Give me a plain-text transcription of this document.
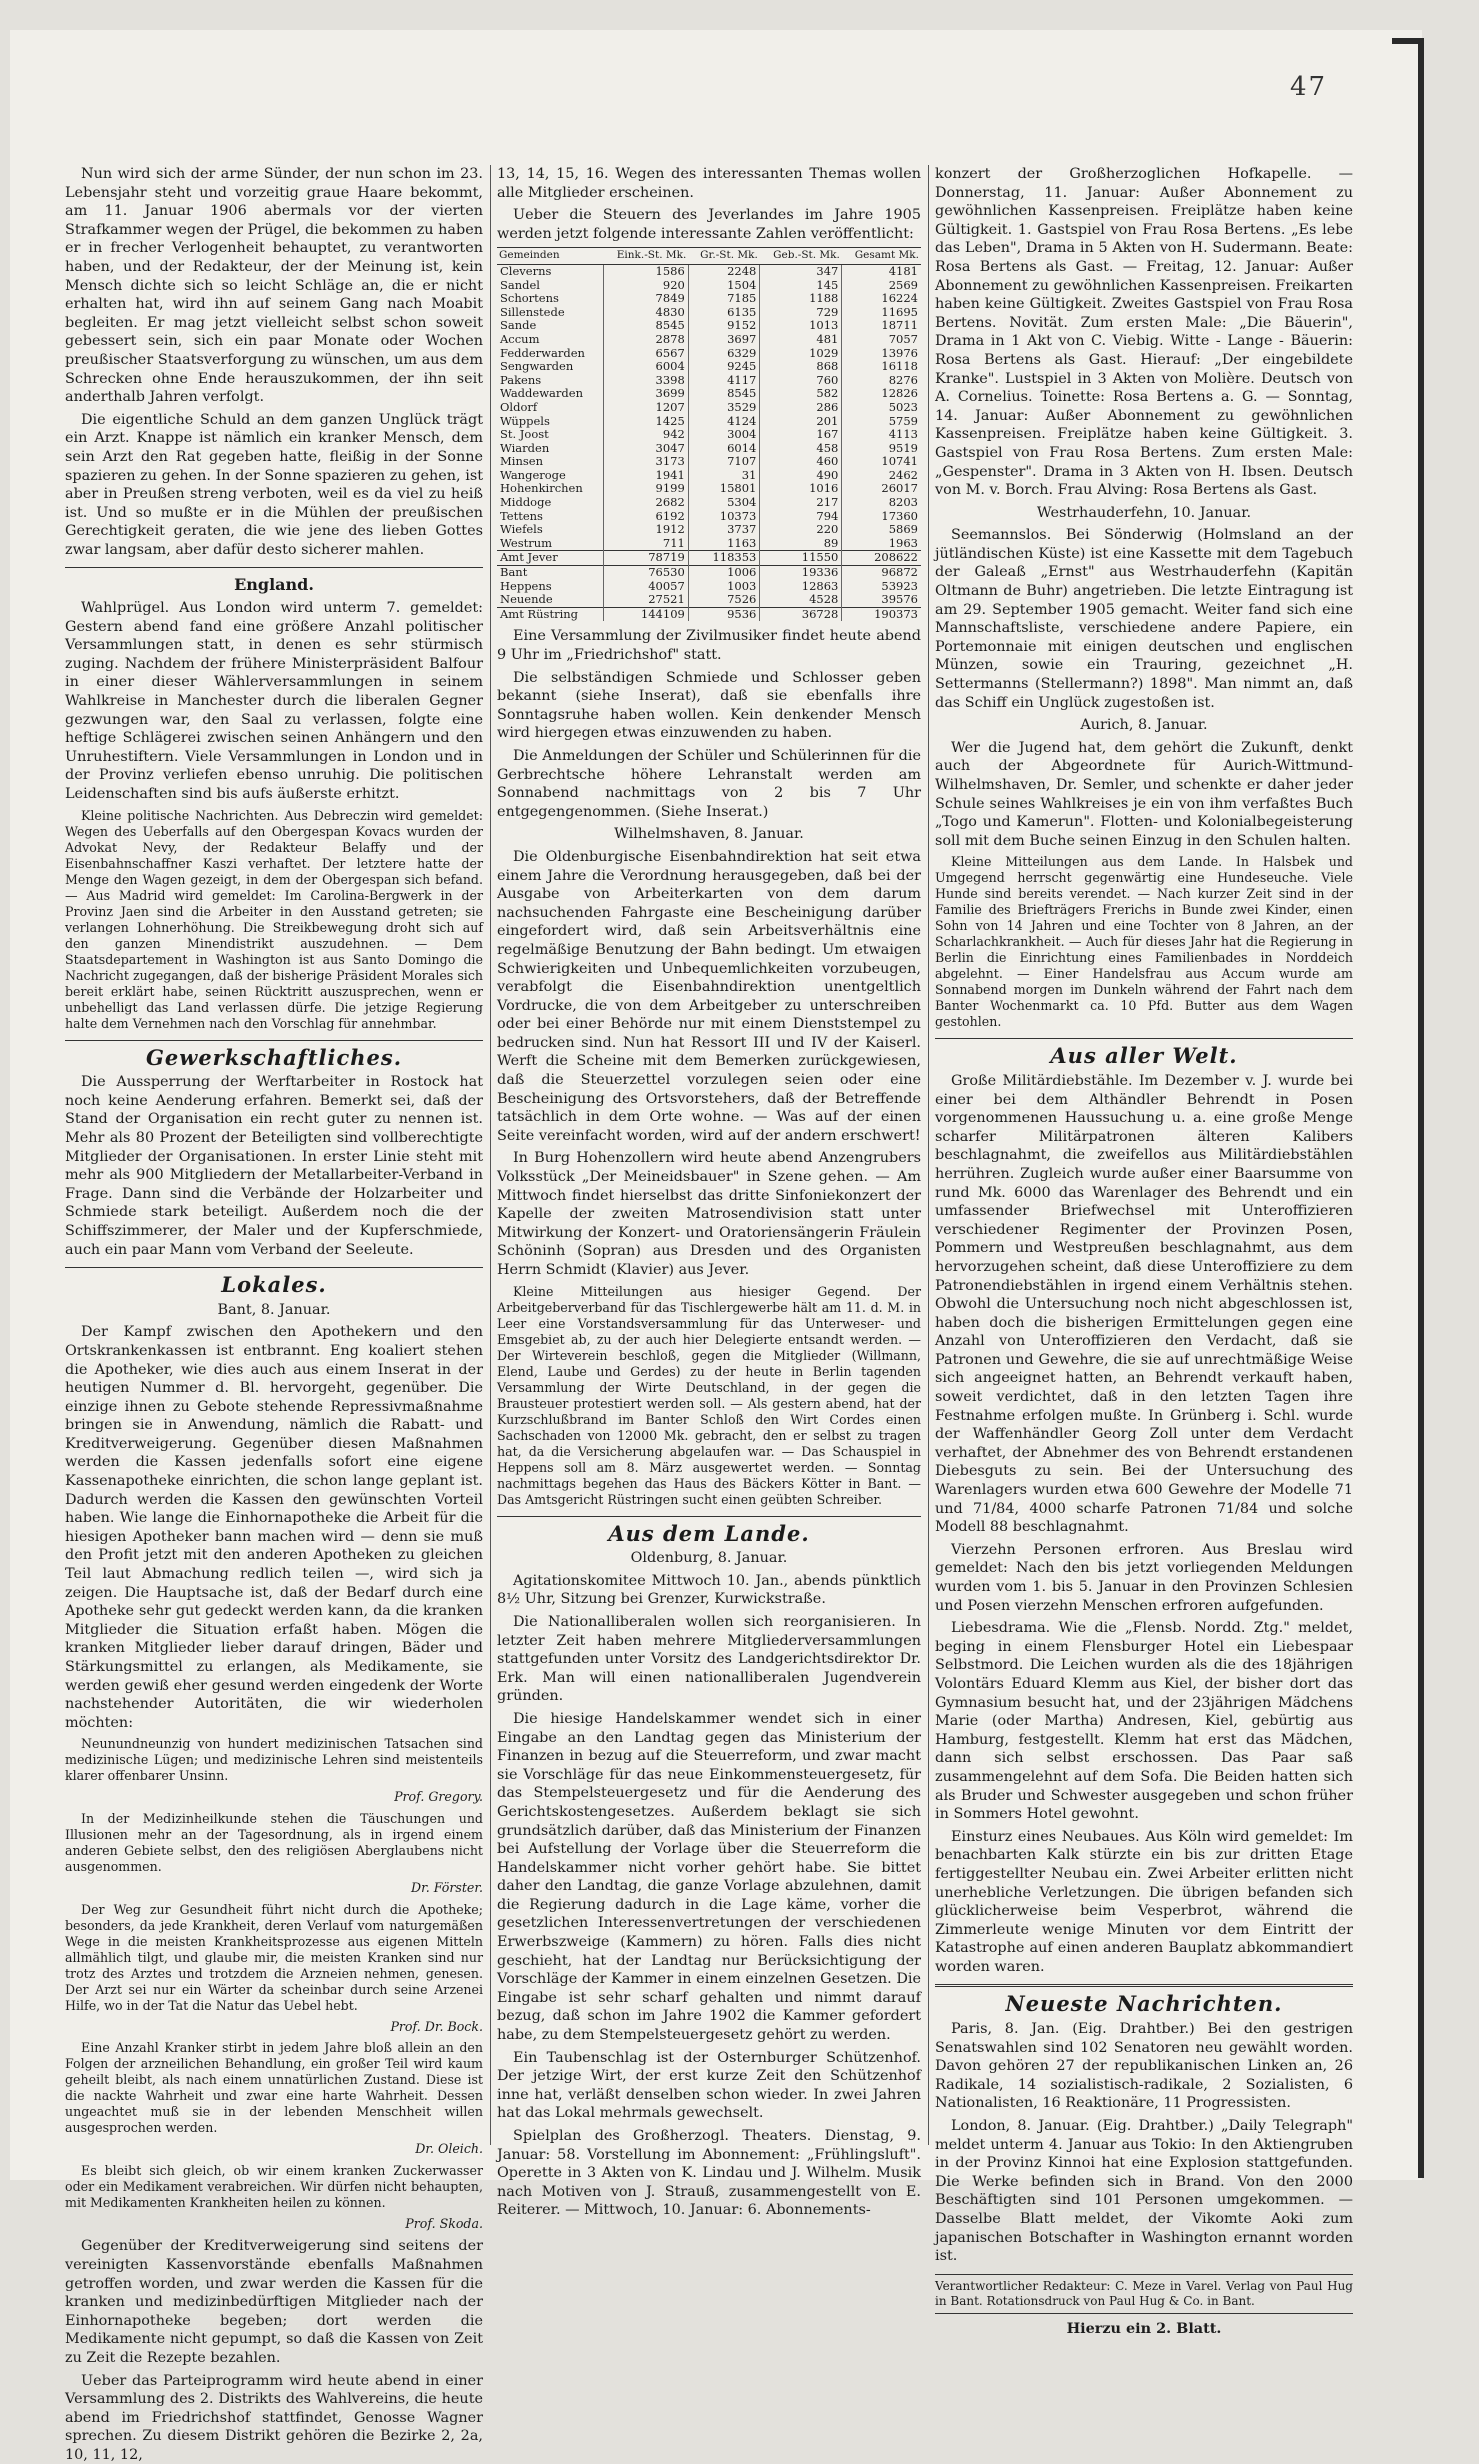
47

Nun wird sich der arme Sünder, der nun schon im 23. Lebensjahr steht und vorzeitig graue Haare bekommt, am 11. Januar 1906 abermals vor der vierten Strafkammer wegen der Prügel, die bekommen zu haben er in frecher Verlogenheit behauptet, zu verantworten haben, und der Redakteur, der der Meinung ist, kein Mensch dichte sich so leicht Schläge an, die er nicht erhalten hat, wird ihn auf seinem Gang nach Moabit begleiten. Er mag jetzt vielleicht selbst schon soweit gebessert sein, sich ein paar Monate oder Wochen preußischer Staatsverforgung zu wünschen, um aus dem Schrecken ohne Ende herauszukommen, der ihn seit anderthalb Jahren verfolgt.

Die eigentliche Schuld an dem ganzen Unglück trägt ein Arzt. Knappe ist nämlich ein kranker Mensch, dem sein Arzt den Rat gegeben hatte, fleißig in der Sonne spazieren zu gehen. In der Sonne spazieren zu gehen, ist aber in Preußen streng verboten, weil es da viel zu heiß ist. Und so mußte er in die Mühlen der preußischen Gerechtigkeit geraten, die wie jene des lieben Gottes zwar langsam, aber dafür desto sicherer mahlen.

England.

Wahlprügel. Aus London wird unterm 7. gemeldet: Gestern abend fand eine größere Anzahl politischer Versammlungen statt, in denen es sehr stürmisch zuging. Nachdem der frühere Ministerpräsident Balfour in einer dieser Wählerversammlungen in seinem Wahlkreise in Manchester durch die liberalen Gegner gezwungen war, den Saal zu verlassen, folgte eine heftige Schlägerei zwischen seinen Anhängern und den Unruhestiftern. Viele Versammlungen in London und in der Provinz verliefen ebenso unruhig. Die politischen Leidenschaften sind bis aufs äußerste erhitzt.

Kleine politische Nachrichten. Aus Debreczin wird gemeldet: Wegen des Ueberfalls auf den Obergespan Kovacs wurden der Advokat Nevy, der Redakteur Belaffy und der Eisenbahnschaffner Kaszi verhaftet. Der letztere hatte der Menge den Wagen gezeigt, in dem der Obergespan sich befand. — Aus Madrid wird gemeldet: Im Carolina-Bergwerk in der Provinz Jaen sind die Arbeiter in den Ausstand getreten; sie verlangen Lohnerhöhung. Die Streikbewegung droht sich auf den ganzen Minendistrikt auszudehnen. — Dem Staatsdepartement in Washington ist aus Santo Domingo die Nachricht zugegangen, daß der bisherige Präsident Morales sich bereit erklärt habe, seinen Rücktritt auszusprechen, wenn er unbehelligt das Land verlassen dürfe. Die jetzige Regierung halte dem Vernehmen nach den Vorschlag für annehmbar.

Gewerkschaftliches.

Die Aussperrung der Werftarbeiter in Rostock hat noch keine Aenderung erfahren. Bemerkt sei, daß der Stand der Organisation ein recht guter zu nennen ist. Mehr als 80 Prozent der Beteiligten sind vollberechtigte Mitglieder der Organisationen. In erster Linie steht mit mehr als 900 Mitgliedern der Metallarbeiter-Verband in Frage. Dann sind die Verbände der Holzarbeiter und Schmiede stark beteiligt. Außerdem noch die der Schiffszimmerer, der Maler und der Kupferschmiede, auch ein paar Mann vom Verband der Seeleute.

Lokales.
Bant, 8. Januar.

Der Kampf zwischen den Apothekern und den Ortskrankenkassen ist entbrannt. Eng koaliert stehen die Apotheker, wie dies auch aus einem Inserat in der heutigen Nummer d. Bl. hervorgeht, gegenüber. Die einzige ihnen zu Gebote stehende Repressivmaßnahme bringen sie in Anwendung, nämlich die Rabatt- und Kreditverweigerung. Gegenüber diesen Maßnahmen werden die Kassen jedenfalls sofort eine eigene Kassenapotheke einrichten, die schon lange geplant ist. Dadurch werden die Kassen den gewünschten Vorteil haben. Wie lange die Einhornapotheke die Arbeit für die hiesigen Apotheker bann machen wird — denn sie muß den Profit jetzt mit den anderen Apotheken zu gleichen Teil laut Abmachung redlich teilen —, wird sich ja zeigen. Die Hauptsache ist, daß der Bedarf durch eine Apotheke sehr gut gedeckt werden kann, da die kranken Mitglieder die Situation erfaßt haben. Mögen die kranken Mitglieder lieber darauf dringen, Bäder und Stärkungsmittel zu erlangen, als Medikamente, sie werden gewiß eher gesund werden eingedenk der Worte nachstehender Autoritäten, die wir wiederholen möchten:

Neunundneunzig von hundert medizinischen Tatsachen sind medizinische Lügen; und medizinische Lehren sind meistenteils klarer offenbarer Unsinn.

Prof. Gregory.

In der Medizinheilkunde stehen die Täuschungen und Illusionen mehr an der Tagesordnung, als in irgend einem anderen Gebiete selbst, den des religiösen Aberglaubens nicht ausgenommen.

Dr. Förster.

Der Weg zur Gesundheit führt nicht durch die Apotheke; besonders, da jede Krankheit, deren Verlauf vom naturgemäßen Wege in die meisten Krankheitsprozesse aus eigenen Mitteln allmählich tilgt, und glaube mir, die meisten Kranken sind nur trotz des Arztes und trotzdem die Arzneien nehmen, genesen. Der Arzt sei nur ein Wärter da scheinbar durch seine Arzenei Hilfe, wo in der Tat die Natur das Uebel hebt.

Prof. Dr. Bock.

Eine Anzahl Kranker stirbt in jedem Jahre bloß allein an den Folgen der arzneilichen Behandlung, ein großer Teil wird kaum geheilt bleibt, als nach einem unnatürlichen Zustand. Diese ist die nackte Wahrheit und zwar eine harte Wahrheit. Dessen ungeachtet muß sie in der lebenden Menschheit willen ausgesprochen werden.

Dr. Oleich.

Es bleibt sich gleich, ob wir einem kranken Zuckerwasser oder ein Medikament verabreichen. Wir dürfen nicht behaupten, mit Medikamenten Krankheiten heilen zu können.

Prof. Skoda.

Gegenüber der Kreditverweigerung sind seitens der vereinigten Kassenvorstände ebenfalls Maßnahmen getroffen worden, und zwar werden die Kassen für die kranken und medizinbedürftigen Mitglieder nach der Einhornapotheke begeben; dort werden die Medikamente nicht gepumpt, so daß die Kassen von Zeit zu Zeit die Rezepte bezahlen.

Ueber das Parteiprogramm wird heute abend in einer Versammlung des 2. Distrikts des Wahlvereins, die heute abend im Friedrichshof stattfindet, Genosse Wagner sprechen. Zu diesem Distrikt gehören die Bezirke 2, 2a, 10, 11, 12,

13, 14, 15, 16. Wegen des interessanten Themas wollen alle Mitglieder erscheinen.

Ueber die Steuern des Jeverlandes im Jahre 1905 werden jetzt folgende interessante Zahlen veröffentlicht:

Gemeinden	Eink.-St. Mk.	Gr.-St. Mk.	Geb.-St. Mk.	Gesamt Mk.
Cleverns	1586	2248	347	4181
Sandel	920	1504	145	2569
Schortens	7849	7185	1188	16224
Sillenstede	4830	6135	729	11695
Sande	8545	9152	1013	18711
Accum	2878	3697	481	7057
Fedderwarden	6567	6329	1029	13976
Sengwarden	6004	9245	868	16118
Pakens	3398	4117	760	8276
Waddewarden	3699	8545	582	12826
Oldorf	1207	3529	286	5023
Wüppels	1425	4124	201	5759
St. Joost	942	3004	167	4113
Wiarden	3047	6014	458	9519
Minsen	3173	7107	460	10741
Wangeroge	1941	31	490	2462
Hohenkirchen	9199	15801	1016	26017
Middoge	2682	5304	217	8203
Tettens	6192	10373	794	17360
Wiefels	1912	3737	220	5869
Westrum	711	1163	89	1963
Amt Jever	78719	118353	11550	208622
Bant	76530	1006	19336	96872
Heppens	40057	1003	12863	53923
Neuende	27521	7526	4528	39576
Amt Rüstring	144109	9536	36728	190373

Eine Versammlung der Zivilmusiker findet heute abend 9 Uhr im „Friedrichshof" statt.

Die selbständigen Schmiede und Schlosser geben bekannt (siehe Inserat), daß sie ebenfalls ihre Sonntagsruhe haben wollen. Kein denkender Mensch wird hiergegen etwas einzuwenden zu haben.

Die Anmeldungen der Schüler und Schülerinnen für die Gerbrechtsche höhere Lehranstalt werden am Sonnabend nachmittags von 2 bis 7 Uhr entgegengenommen. (Siehe Inserat.)

Wilhelmshaven, 8. Januar.

Die Oldenburgische Eisenbahndirektion hat seit etwa einem Jahre die Verordnung herausgegeben, daß bei der Ausgabe von Arbeiterkarten von dem darum nachsuchenden Fahrgaste eine Bescheinigung darüber eingefordert wird, daß sein Arbeitsverhältnis eine regelmäßige Benutzung der Bahn bedingt. Um etwaigen Schwierigkeiten und Unbequemlichkeiten vorzubeugen, verabfolgt die Eisenbahndirektion unentgeltlich Vordrucke, die von dem Arbeitgeber zu unterschreiben oder bei einer Behörde nur mit einem Dienststempel zu bedrucken sind. Nun hat Ressort III und IV der Kaiserl. Werft die Scheine mit dem Bemerken zurückgewiesen, daß die Steuerzettel vorzulegen seien oder eine Bescheinigung des Ortsvorstehers, daß der Betreffende tatsächlich in dem Orte wohne. — Was auf der einen Seite vereinfacht worden, wird auf der andern erschwert!

In Burg Hohenzollern wird heute abend Anzengrubers Volksstück „Der Meineidsbauer" in Szene gehen. — Am Mittwoch findet hierselbst das dritte Sinfoniekonzert der Kapelle der zweiten Matrosendivision statt unter Mitwirkung der Konzert- und Oratoriensängerin Fräulein Schöninh (Sopran) aus Dresden und des Organisten Herrn Schmidt (Klavier) aus Jever.

Kleine Mitteilungen aus hiesiger Gegend. Der Arbeitgeberverband für das Tischlergewerbe hält am 11. d. M. in Leer eine Vorstandsversammlung für das Unterweser- und Emsgebiet ab, zu der auch hier Delegierte entsandt werden. — Der Wirteverein beschloß, gegen die Mitglieder (Willmann, Elend, Laube und Gerdes) zu der heute in Berlin tagenden Versammlung der Wirte Deutschland, in der gegen die Brausteuer protestiert werden soll. — Als gestern abend, hat der Kurzschlußbrand im Banter Schloß den Wirt Cordes einen Sachschaden von 12000 Mk. gebracht, den er selbst zu tragen hat, da die Versicherung abgelaufen war. — Das Schauspiel in Heppens soll am 8. März ausgewertet werden. — Sonntag nachmittags begehen das Haus des Bäckers Kötter in Bant. — Das Amtsgericht Rüstringen sucht einen geübten Schreiber.

Aus dem Lande.
Oldenburg, 8. Januar.

Agitationskomitee Mittwoch 10. Jan., abends pünktlich 8½ Uhr, Sitzung bei Grenzer, Kurwickstraße.

Die Nationalliberalen wollen sich reorganisieren. In letzter Zeit haben mehrere Mitgliederversammlungen stattgefunden unter Vorsitz des Landgerichtsdirektor Dr. Erk. Man will einen nationalliberalen Jugendverein gründen.

Die hiesige Handelskammer wendet sich in einer Eingabe an den Landtag gegen das Ministerium der Finanzen in bezug auf die Steuerreform, und zwar macht sie Vorschläge für das neue Einkommensteuergesetz, für das Stempelsteuergesetz und für die Aenderung des Gerichtskostengesetzes. Außerdem beklagt sie sich grundsätzlich darüber, daß das Ministerium der Finanzen bei Aufstellung der Vorlage über die Steuerreform die Handelskammer nicht vorher gehört habe. Sie bittet daher den Landtag, die ganze Vorlage abzulehnen, damit die Regierung dadurch in die Lage käme, vorher die gesetzlichen Interessenvertretungen der verschiedenen Erwerbszweige (Kammern) zu hören. Falls dies nicht geschieht, hat der Landtag nur Berücksichtigung der Vorschläge der Kammer in einem einzelnen Gesetzen. Die Eingabe ist sehr scharf gehalten und nimmt darauf bezug, daß schon im Jahre 1902 die Kammer gefordert habe, zu dem Stempelsteuergesetz gehört zu werden.

Ein Taubenschlag ist der Osternburger Schützenhof. Der jetzige Wirt, der erst kurze Zeit den Schützenhof inne hat, verläßt denselben schon wieder. In zwei Jahren hat das Lokal mehrmals gewechselt.

Spielplan des Großherzogl. Theaters. Dienstag, 9. Januar: 58. Vorstellung im Abonnement: „Frühlingsluft". Operette in 3 Akten von K. Lindau und J. Wilhelm. Musik nach Motiven von J. Strauß, zusammengestellt von E. Reiterer. — Mittwoch, 10. Januar: 6. Abonnements-

konzert der Großherzoglichen Hofkapelle. — Donnerstag, 11. Januar: Außer Abonnement zu gewöhnlichen Kassenpreisen. Freiplätze haben keine Gültigkeit. 1. Gastspiel von Frau Rosa Bertens. „Es lebe das Leben", Drama in 5 Akten von H. Sudermann. Beate: Rosa Bertens als Gast. — Freitag, 12. Januar: Außer Abonnement zu gewöhnlichen Kassenpreisen. Freikarten haben keine Gültigkeit. Zweites Gastspiel von Frau Rosa Bertens. Novität. Zum ersten Male: „Die Bäuerin", Drama in 1 Akt von C. Viebig. Witte - Lange - Bäuerin: Rosa Bertens als Gast. Hierauf: „Der eingebildete Kranke". Lustspiel in 3 Akten von Molière. Deutsch von A. Cornelius. Toinette: Rosa Bertens a. G. — Sonntag, 14. Januar: Außer Abonnement zu gewöhnlichen Kassenpreisen. Freiplätze haben keine Gültigkeit. 3. Gastspiel von Frau Rosa Bertens. Zum ersten Male: „Gespenster". Drama in 3 Akten von H. Ibsen. Deutsch von M. v. Borch. Frau Alving: Rosa Bertens als Gast.

Westrhauderfehn, 10. Januar.

Seemannslos. Bei Sönderwig (Holmsland an der jütländischen Küste) ist eine Kassette mit dem Tagebuch der Galeaß „Ernst" aus Westrhauderfehn (Kapitän Oltmann de Buhr) angetrieben. Die letzte Eintragung ist am 29. September 1905 gemacht. Weiter fand sich eine Mannschaftsliste, verschiedene andere Papiere, ein Portemonnaie mit einigen deutschen und englischen Münzen, sowie ein Trauring, gezeichnet „H. Settermanns (Stellermann?) 1898". Man nimmt an, daß das Schiff ein Unglück zugestoßen ist.

Aurich, 8. Januar.

Wer die Jugend hat, dem gehört die Zukunft, denkt auch der Abgeordnete für Aurich-Wittmund-Wilhelmshaven, Dr. Semler, und schenkte er daher jeder Schule seines Wahlkreises je ein von ihm verfaßtes Buch „Togo und Kamerun". Flotten- und Kolonialbegeisterung soll mit dem Buche seinen Einzug in den Schulen halten.

Kleine Mitteilungen aus dem Lande. In Halsbek und Umgegend herrscht gegenwärtig eine Hundeseuche. Viele Hunde sind bereits verendet. — Nach kurzer Zeit sind in der Familie des Briefträgers Frerichs in Bunde zwei Kinder, einen Sohn von 14 Jahren und eine Tochter von 8 Jahren, an der Scharlachkrankheit. — Auch für dieses Jahr hat die Regierung in Berlin die Einrichtung eines Familienbades in Norddeich abgelehnt. — Einer Handelsfrau aus Accum wurde am Sonnabend morgen im Dunkeln während der Fahrt nach dem Banter Wochenmarkt ca. 10 Pfd. Butter aus dem Wagen gestohlen.

Aus aller Welt.

Große Militärdiebstähle. Im Dezember v. J. wurde bei einer bei dem Althändler Behrendt in Posen vorgenommenen Haussuchung u. a. eine große Menge scharfer Militärpatronen älteren Kalibers beschlagnahmt, die zweifellos aus Militärdiebstählen herrühren. Zugleich wurde außer einer Baarsumme von rund Mk. 6000 das Warenlager des Behrendt und ein umfassender Briefwechsel mit Unteroffizieren verschiedener Regimenter der Provinzen Posen, Pommern und Westpreußen beschlagnahmt, aus dem hervorzugehen scheint, daß diese Unteroffiziere zu dem Patronendiebstählen in irgend einem Verhältnis stehen. Obwohl die Untersuchung noch nicht abgeschlossen ist, haben doch die bisherigen Ermittelungen gegen eine Anzahl von Unteroffizieren den Verdacht, daß sie Patronen und Gewehre, die sie auf unrechtmäßige Weise sich angeeignet hatten, an Behrendt verkauft haben, soweit verdichtet, daß in den letzten Tagen ihre Festnahme erfolgen mußte. In Grünberg i. Schl. wurde der Waffenhändler Georg Zoll unter dem Verdacht verhaftet, der Abnehmer des von Behrendt erstandenen Diebesguts zu sein. Bei der Untersuchung des Warenlagers wurden etwa 600 Gewehre der Modelle 71 und 71/84, 4000 scharfe Patronen 71/84 und solche Modell 88 beschlagnahmt.

Vierzehn Personen erfroren. Aus Breslau wird gemeldet: Nach den bis jetzt vorliegenden Meldungen wurden vom 1. bis 5. Januar in den Provinzen Schlesien und Posen vierzehn Menschen erfroren aufgefunden.

Liebesdrama. Wie die „Flensb. Nordd. Ztg." meldet, beging in einem Flensburger Hotel ein Liebespaar Selbstmord. Die Leichen wurden als die des 18jährigen Volontärs Eduard Klemm aus Kiel, der bisher dort das Gymnasium besucht hat, und der 23jährigen Mädchens Marie (oder Martha) Andresen, Kiel, gebürtig aus Hamburg, festgestellt. Klemm hat erst das Mädchen, dann sich selbst erschossen. Das Paar saß zusammengelehnt auf dem Sofa. Die Beiden hatten sich als Bruder und Schwester ausgegeben und schon früher in Sommers Hotel gewohnt.

Einsturz eines Neubaues. Aus Köln wird gemeldet: Im benachbarten Kalk stürzte ein bis zur dritten Etage fertiggestellter Neubau ein. Zwei Arbeiter erlitten nicht unerhebliche Verletzungen. Die übrigen befanden sich glücklicherweise beim Vesperbrot, während die Zimmerleute wenige Minuten vor dem Eintritt der Katastrophe auf einen anderen Bauplatz abkommandiert worden waren.

Neueste Nachrichten.

Paris, 8. Jan. (Eig. Drahtber.) Bei den gestrigen Senatswahlen sind 102 Senatoren neu gewählt worden. Davon gehören 27 der republikanischen Linken an, 26 Radikale, 14 sozialistisch-radikale, 2 Sozialisten, 6 Nationalisten, 16 Reaktionäre, 11 Progressisten.

London, 8. Januar. (Eig. Drahtber.) „Daily Telegraph" meldet unterm 4. Januar aus Tokio: In den Aktiengruben in der Provinz Kinnoi hat eine Explosion stattgefunden. Die Werke befinden sich in Brand. Von den 2000 Beschäftigten sind 101 Personen umgekommen. — Dasselbe Blatt meldet, der Vikomte Aoki zum japanischen Botschafter in Washington ernannt worden ist.

Verantwortlicher Redakteur: C. Meze in Varel. Verlag von Paul Hug in Bant. Rotationsdruck von Paul Hug & Co. in Bant.
Hierzu ein 2. Blatt.
